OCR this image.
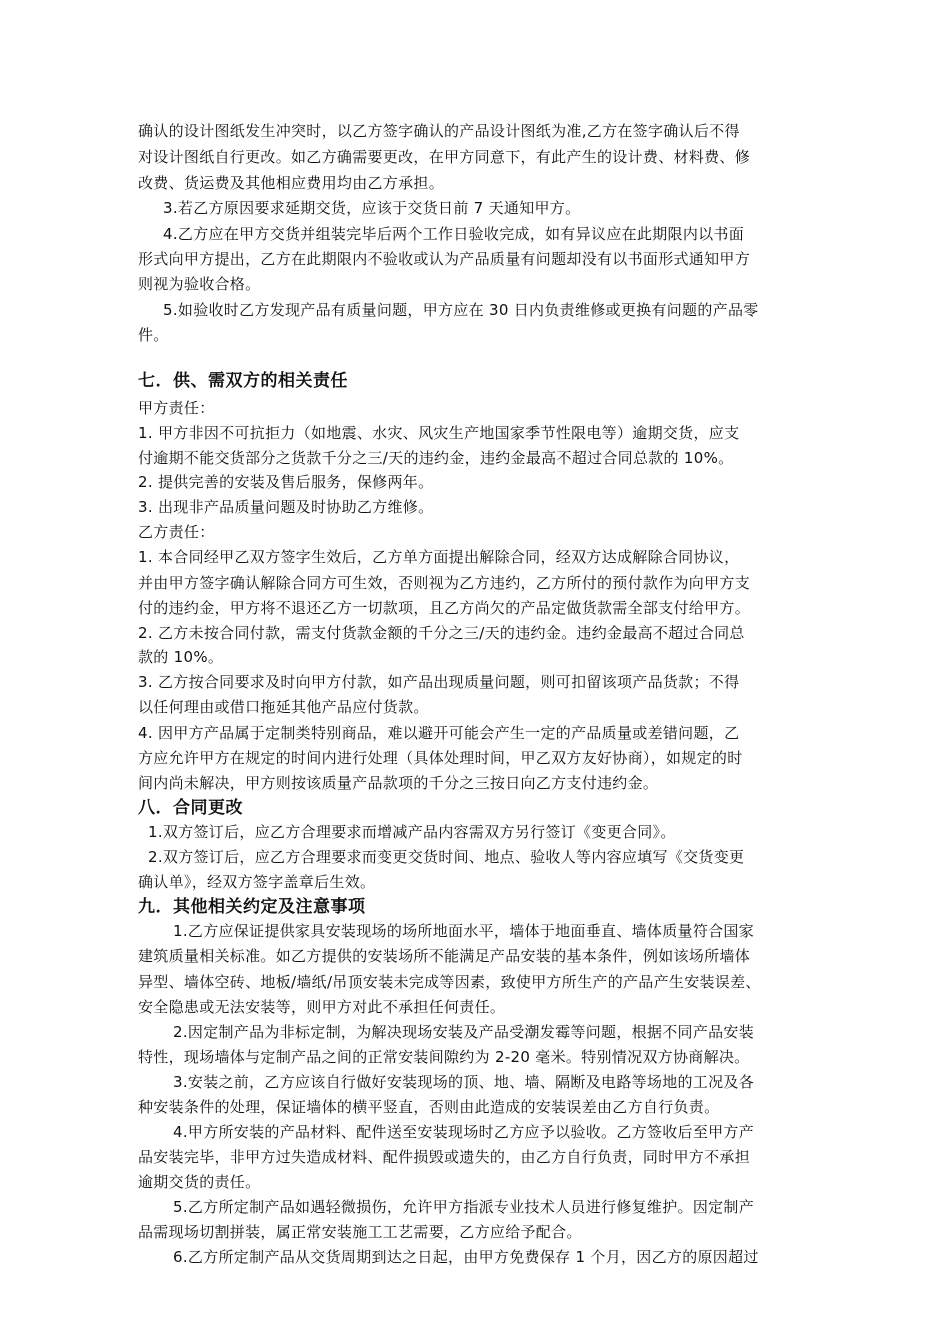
确认的设计图纸发生冲突时，以乙方签字确认的产品设计图纸为准,乙方在签字确认后不得
对设计图纸自行更改。如乙方确需要更改，在甲方同意下，有此产生的设计费、材料费、修
改费、货运费及其他相应费用均由乙方承担。
3.若乙方原因要求延期交货，应该于交货日前 7 天通知甲方。
4.乙方应在甲方交货并组装完毕后两个工作日验收完成，如有异议应在此期限内以书面
形式向甲方提出，乙方在此期限内不验收或认为产品质量有问题却没有以书面形式通知甲方
则视为验收合格。
5.如验收时乙方发现产品有质量问题，甲方应在 30 日内负责维修或更换有问题的产品零
件。
七．供、需双方的相关责任
甲方责任：
1. 甲方非因不可抗拒力（如地震、水灾、风灾生产地国家季节性限电等）逾期交货，应支
付逾期不能交货部分之货款千分之三/天的违约金，违约金最高不超过合同总款的 10%。
2. 提供完善的安装及售后服务，保修两年。
3. 出现非产品质量问题及时协助乙方维修。
乙方责任：
1. 本合同经甲乙双方签字生效后，乙方单方面提出解除合同，经双方达成解除合同协议，
并由甲方签字确认解除合同方可生效，否则视为乙方违约，乙方所付的预付款作为向甲方支
付的违约金，甲方将不退还乙方一切款项，且乙方尚欠的产品定做货款需全部支付给甲方。
2. 乙方未按合同付款，需支付货款金额的千分之三/天的违约金。违约金最高不超过合同总
款的 10%。
3. 乙方按合同要求及时向甲方付款，如产品出现质量问题，则可扣留该项产品货款；不得
以任何理由或借口拖延其他产品应付货款。
4. 因甲方产品属于定制类特别商品，难以避开可能会产生一定的产品质量或差错问题，乙
方应允许甲方在规定的时间内进行处理（具体处理时间，甲乙双方友好协商），如规定的时
间内尚未解决，甲方则按该质量产品款项的千分之三按日向乙方支付违约金。
八．合同更改
1.双方签订后，应乙方合理要求而增减产品内容需双方另行签订《变更合同》。
2.双方签订后，应乙方合理要求而变更交货时间、地点、验收人等内容应填写《交货变更
确认单》，经双方签字盖章后生效。
九．其他相关约定及注意事项
1.乙方应保证提供家具安装现场的场所地面水平，墙体于地面垂直、墙体质量符合国家
建筑质量相关标准。如乙方提供的安装场所不能满足产品安装的基本条件，例如该场所墙体
异型、墙体空砖、地板/墙纸/吊顶安装未完成等因素，致使甲方所生产的产品产生安装误差、
安全隐患或无法安装等，则甲方对此不承担任何责任。
2.因定制产品为非标定制，为解决现场安装及产品受潮发霉等问题，根据不同产品安装
特性，现场墙体与定制产品之间的正常安装间隙约为 2-20 毫米。特别情况双方协商解决。
3.安装之前，乙方应该自行做好安装现场的顶、地、墙、隔断及电路等场地的工况及各
种安装条件的处理，保证墙体的横平竖直，否则由此造成的安装误差由乙方自行负责。
4.甲方所安装的产品材料、配件送至安装现场时乙方应予以验收。乙方签收后至甲方产
品安装完毕，非甲方过失造成材料、配件损毁或遗失的，由乙方自行负责，同时甲方不承担
逾期交货的责任。
5.乙方所定制产品如遇轻微损伤，允许甲方指派专业技术人员进行修复维护。因定制产
品需现场切割拼装，属正常安装施工工艺需要，乙方应给予配合。
6.乙方所定制产品从交货周期到达之日起，由甲方免费保存 1 个月，因乙方的原因超过
